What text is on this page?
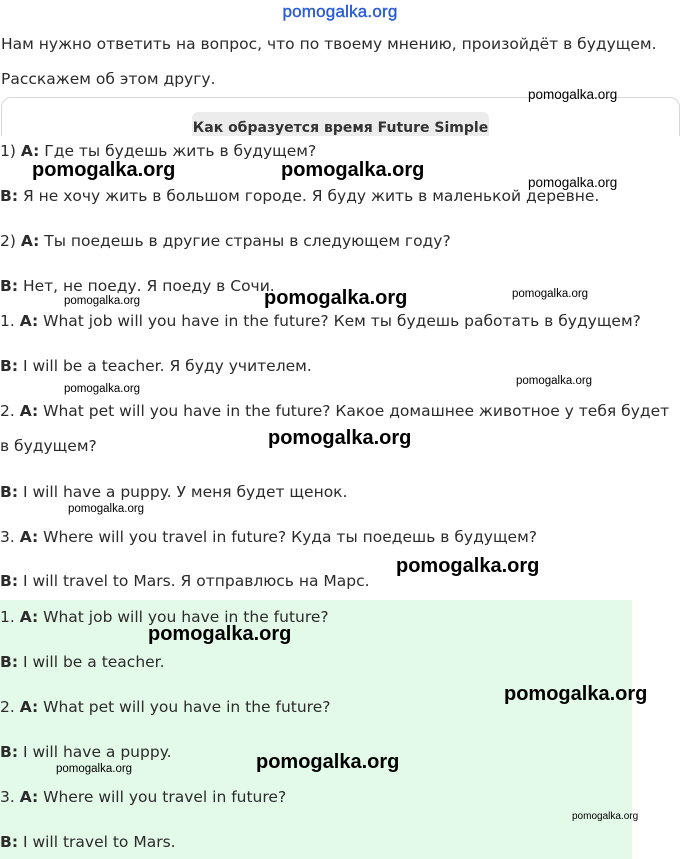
pomogalka.org
Нам нужно ответить на вопрос, что по твоему мнению, произойдёт в будущем.
Расскажем об этом другу.
Как образуется время Future Simple
1) A: Где ты будешь жить в будущем?
B: Я не хочу жить в большом городе. Я буду жить в маленькой деревне.
2) A: Ты поедешь в другие страны в следующем году?
B: Нет, не поеду. Я поеду в Сочи.
1. A: What job will you have in the future? Кем ты будешь работать в будущем?
B: I will be a teacher. Я буду учителем.
2. A: What pet will you have in the future? Какое домашнее животное у тебя будет
в будущем?
B: I will have a puppy. У меня будет щенок.
3. A: Where will you travel in future? Куда ты поедешь в будущем?
B: I will travel to Mars. Я отправлюсь на Марс.
1. A: What job will you have in the future?
B: I will be a teacher.
2. A: What pet will you have in the future?
B: I will have a puppy.
3. A: Where will you travel in future?
B: I will travel to Mars.
pomogalka.org
pomogalka.org	pomogalka.org
pomogalka.org
pomogalka.org	pomogalka.org	pomogalka.org
pomogalka.org
pomogalka.org
pomogalka.org
pomogalka.org
pomogalka.org
pomogalka.org
pomogalka.org
pomogalka.org	pomogalka.org
pomogalka.org
